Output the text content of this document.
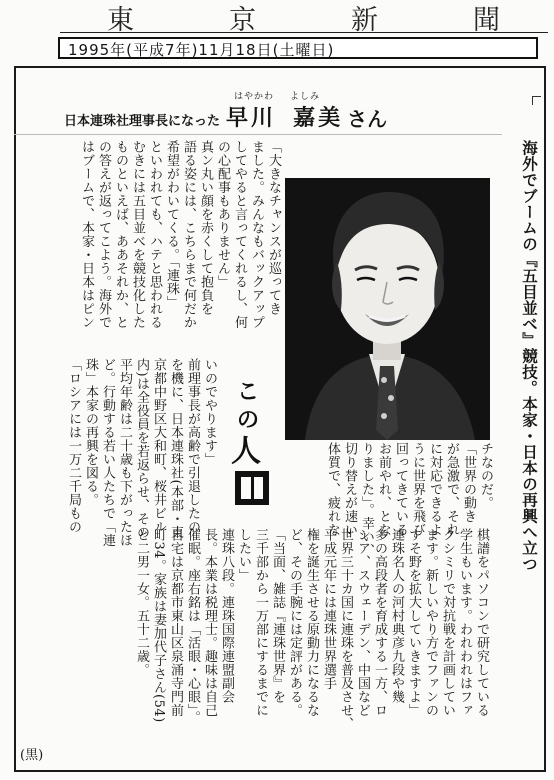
東	京	新	聞
1995年(平成7年)11月18日(土曜日)
日本連珠社理事長になった
はやかわ よしみ
早川 嘉美 さん
海外でブームの『五目並べ』競技。本家・日本の再興へ立つ
こ
の
人	チなのだ。
「世界の動き
が急激で、それ
に対応できるよ
うに世界を飛び
回ってきている
お前やれ、とな
りました」。幸い、
切り替えが速い
体質で、疲れな
「大きなチャンスが巡ってき
ました。みんなもバックアップ
してやると言ってくれるし、何
の心配事もありません」
真ン丸い顔を赤くして抱負を
語る姿には、こちらまで何だか
希望がわいてくる。「連珠」
といわれても、ハテと思われる
むきには五目並べを競技化した
ものといえば、ああそれか、と
の答えが返ってこよう。海外で
はブームで、本家・日本はピン
いのでやります」
前理事長が高齢で引退したの
を機に、日本連珠社(本部・東
京都中野区大和町、桜井ビル
内)は全役員を若返らせ、その
平均年齢は二十歳も下がったほ
ど。行動する若い人たちで「連
珠」本家の再興を図る。
「ロシアには一万二千局もの
棋譜をパソコンで研究している
学生もいます。われわれはファ
クシミリで対抗戦を計画してい
ます。新しいやり方でファンの
すそ野を拡大していきますよ」
連珠名人の河村典彦九段や幾
多の高段者を育成する一方、ロ
シア、スウェーデン、中国など
世界三十カ国に連珠を普及させ、
平成元年には連珠世界選手
権を誕生させる原動力になるな
ど、その手腕には定評がある。
「当面、雑誌『連珠世界』を
三千部から一万部にするまでに
したい」
連珠八段。連珠国際連盟副会
長。本業は税理士。趣味は自己
催眠。座右銘は「活眼・心眼」。
自宅は京都市東山区泉涌寺門前
町34。家族は妻加代子さん(54)
と二男一女。五十二歳。
(黒)
